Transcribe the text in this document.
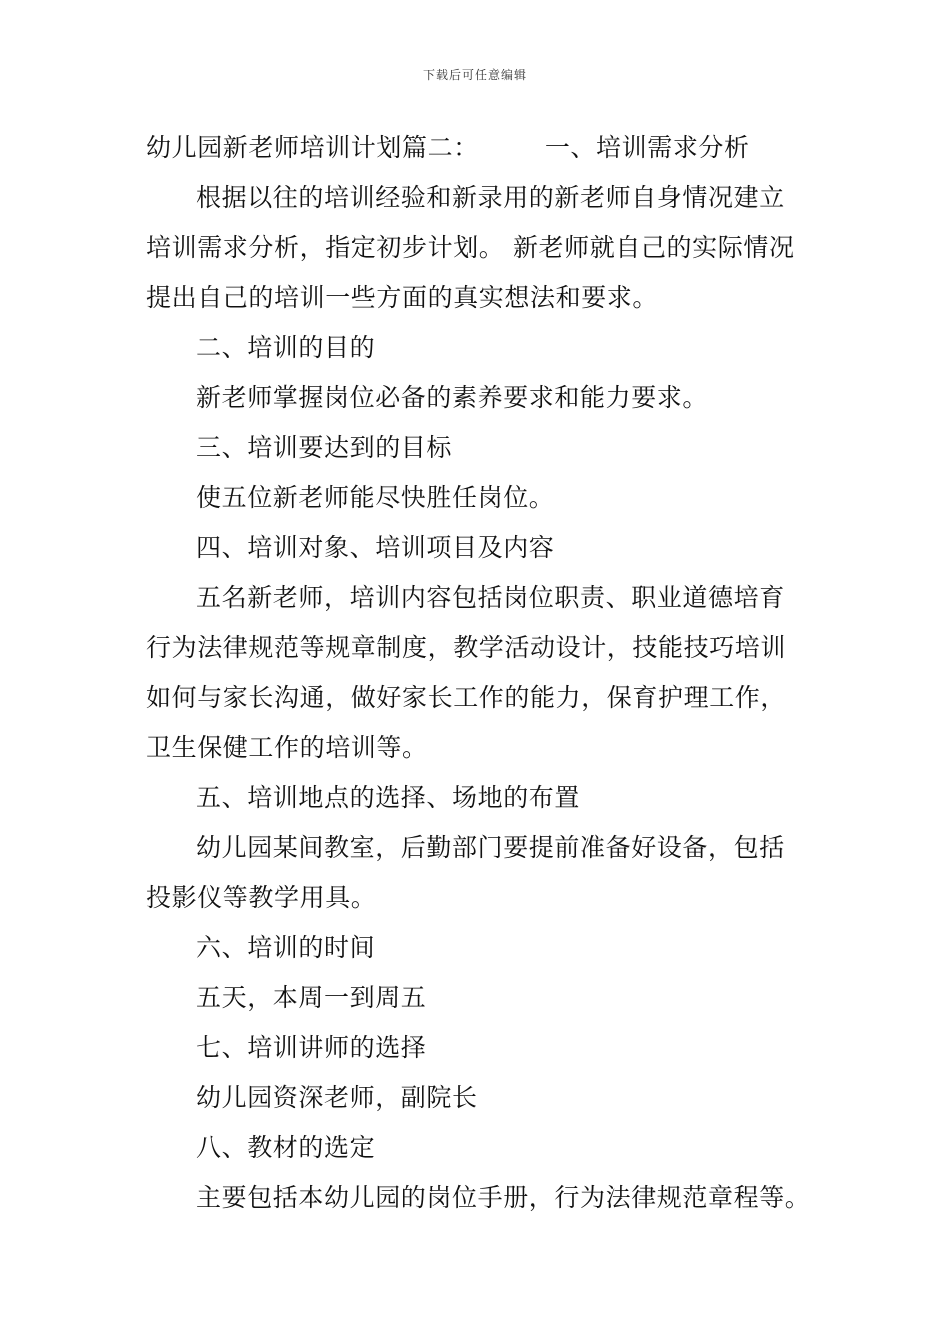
下载后可任意编辑
幼儿园新老师培训计划篇二：	一、培训需求分析
根据以往的培训经验和新录用的新老师自身情况建立
培训需求分析，指定初步计划。 新老师就自己的实际情况
提出自己的培训一些方面的真实想法和要求。
二、培训的目的
新老师掌握岗位必备的素养要求和能力要求。
三、培训要达到的目标
使五位新老师能尽快胜任岗位。
四、培训对象、培训项目及内容
五名新老师，培训内容包括岗位职责、职业道德培育
行为法律规范等规章制度，教学活动设计，技能技巧培训
如何与家长沟通，做好家长工作的能力，保育护理工作，
卫生保健工作的培训等。
五、培训地点的选择、场地的布置
幼儿园某间教室，后勤部门要提前准备好设备，包括
投影仪等教学用具。
六、培训的时间
五天，本周一到周五
七、培训讲师的选择
幼儿园资深老师，副院长
八、教材的选定
主要包括本幼儿园的岗位手册，行为法律规范章程等。
